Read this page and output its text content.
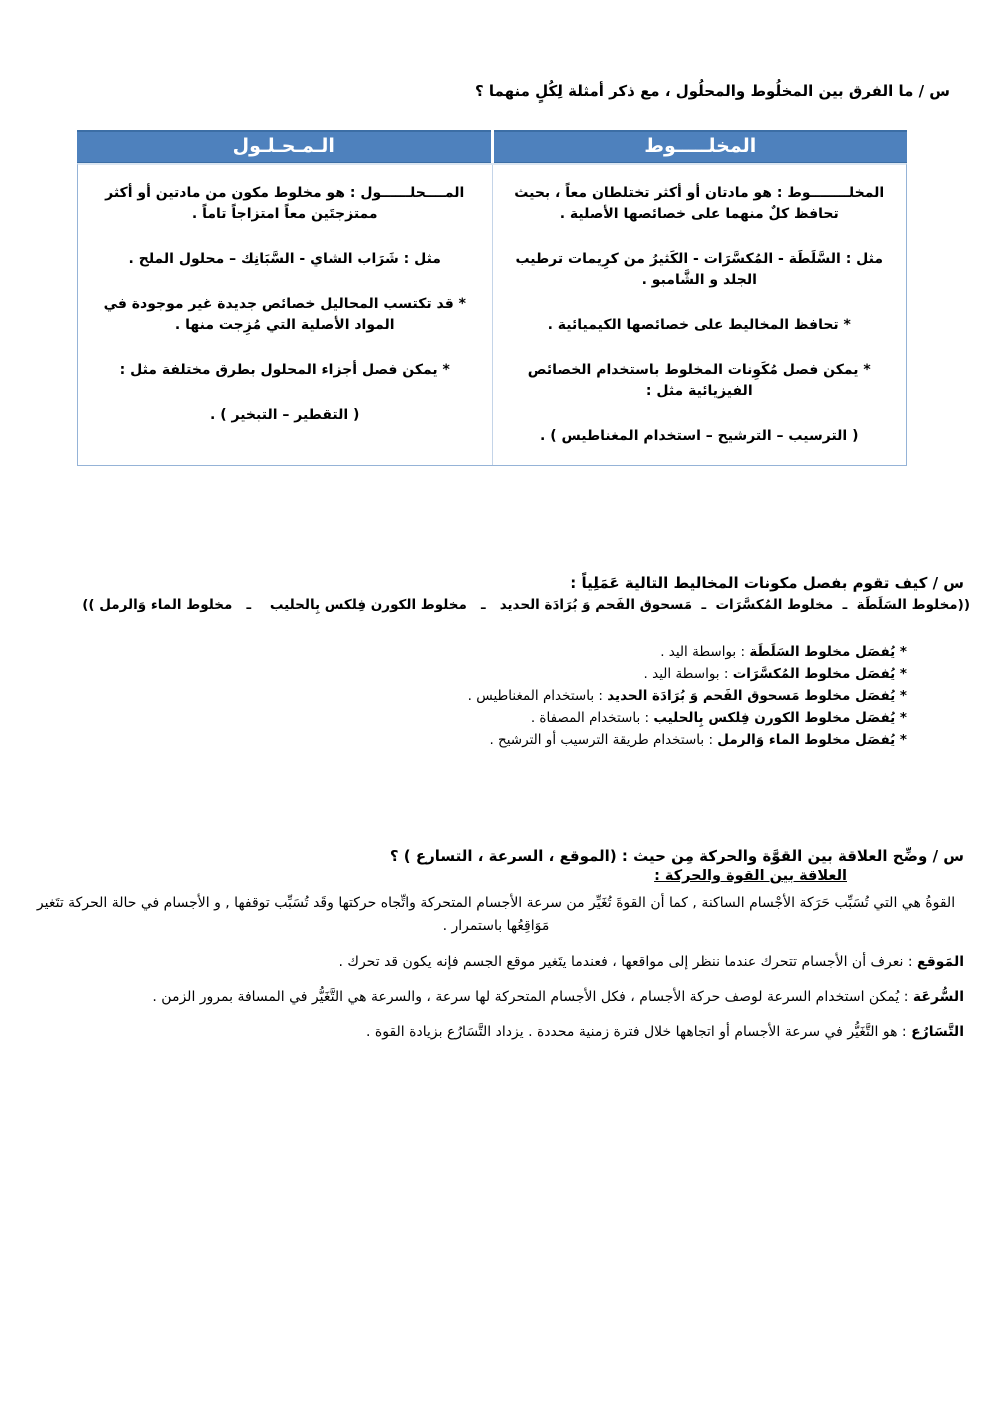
س / ما الفرق بين المخلُوط والمحلُول ، مع ذكر أمثلة لِكُلٍ منهما ؟
المخلـــــوط
الـمـحـلـول

المخلــــــــوط : هو مادتان أو أكثر تختلطان معاً ، بحيث تحافظ كلٌ منهما على خصائصها الأصلية .

مثل : السَّلَطَة - المُكسَّرَات - الكَثيرُ من كرِيمات ترطيب الجلد و الشَّامبو .

* تحافظ المخاليط على خصائصها الكيميائية .

* يمكن فصل مُكَوِنات المخلوط باستخدام الخصائص الفيزيائية مثل :

( الترسيب – الترشيح – استخدام المغناطيس ) .

المــــحلــــــول : هو مخلوط مكون من مادتين أو أكثر ممتزجتَين معاً امتزاجاً تاماً .

مثل : شَرَاب الشاي - السَّبَانِك – محلول الملح .

* قد تكتسب المحاليل خصائص جديدة غير موجودة في المواد الأصلية التي مُزِجت منها .

* يمكن فصل أجزاء المحلول بطرق مختلفة مثل :

( التقطير – التبخير ) .

س / كيف تقوم بفصل مكونات المخاليط التالية عَمَلِياً :
((مخلوط السَلَطَة  ـ  مخلوط المُكسَّرَات  ـ  مَسحوق الفَحم وَ بُرَادَة الحديد   ـ   مخلوط الكورن فِلكس بِالحليب    ـ   مخلوط الماء وَالرمل ))
* يُفصَل مخلوط السَلَطَة : بواسطة اليد .
* يُفصَل مخلوط المُكسَّرَات : بواسطة اليد .
* يُفصَل مخلوط مَسحوق الفَحم وَ بُرَادَة الحديد : باستخدام المغناطيس .
* يُفصَل مخلوط الكورن فِلكس بِالحليب : باستخدام المصفاة .
* يُفصَل مخلوط الماء وَالرمل : باستخدام طريقة الترسيب أو الترشيح .
س / وضِّح العلاقة بين القوَّة والحركة مِن حيث : (الموقع ، السرعة ، التسارع ) ؟
العلاقة بين القوة والحركة :
القوةُ هي التي تُسَبِّب حَرَكة الأجْسام الساكنة , كما أن القوةَ تُغَيِّر من سرعة الأجسام المتحركة واتِّجاه حركتها وقَد تُسَبِّب توقفها , و الأجسام في حالة الحركة تتَغير مَوَاقِعُها باستمرار .
المَوقع : نعرف أن الأجسام تتحرك عندما ننظر إلى مواقعها ، فعندما يتَغير موقع الجسم فإنه يكون قد تحرك .
السُّرعَة : يُمكن استخدام السرعة لوصف حركة الأجسام ، فكل الأجسام المتحركة لها سرعة ، والسرعة هي التَّغَيُّر في المسافة بمرور الزمن .
التَّسَارُع : هو التَّغَيُّر في سرعة الأجسام أو اتجاهها خلال فترة زمنية محددة . يزداد التَّسَارُع بزيادة القوة .
